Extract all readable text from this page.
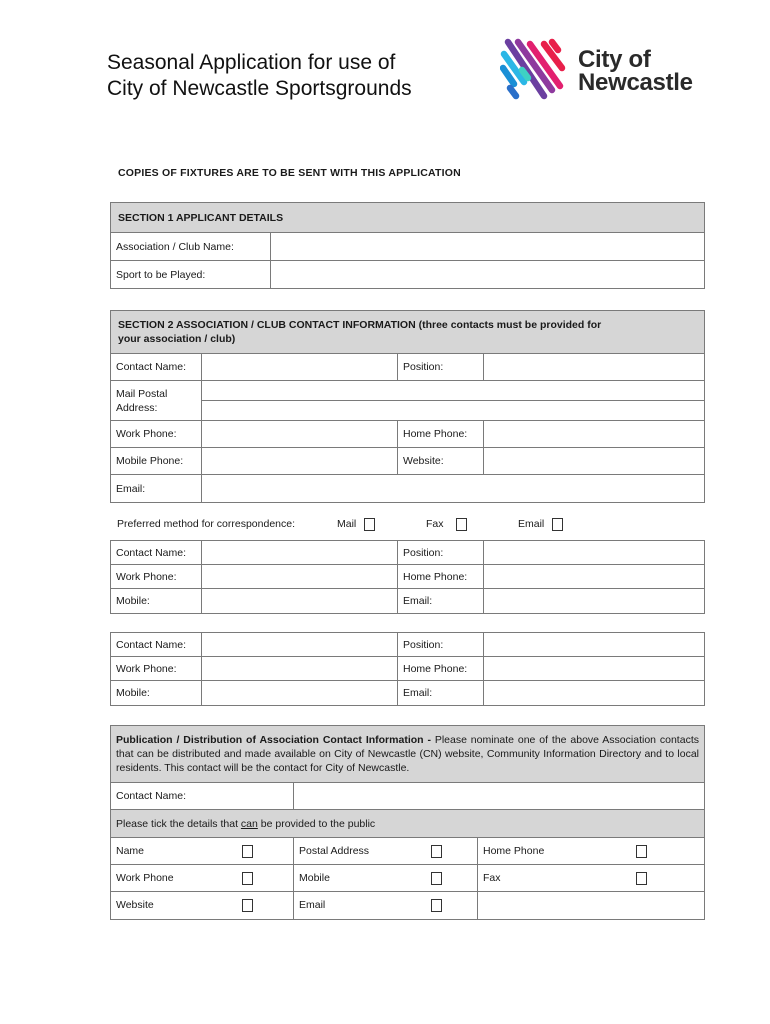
Seasonal Application for use of
City of Newcastle Sportsgrounds
City of
Newcastle
COPIES OF FIXTURES ARE TO BE SENT WITH THIS APPLICATION
SECTION 1 APPLICANT DETAILS	
Association / Club Name:	
Sport to be Played:	
SECTION 2 ASSOCIATION / CLUB CONTACT INFORMATION (three contacts must be provided for
your association / club)			

Contact Name:		Position:	
Mail Postal Address:			

Work Phone:		Home Phone:	
Mobile Phone:		Website:	
Email:			
Preferred method for correspondence:	Mail	Fax	Email
Contact Name:		Position:	
Work Phone:		Home Phone:	
Mobile:		Email:	
Contact Name:		Position:	
Work Phone:		Home Phone:	
Mobile:		Email:	
Publication / Distribution of Association Contact Information - Please nominate one of the above Association contacts that can be distributed and made available on City of Newcastle (CN) website, Community Information Directory and to local residents. This contact will be the contact for City of Newcastle.		
Contact Name:		
Please tick the details that can be provided to the public		
Name	Postal Address	Home Phone

Work Phone	Mobile	Fax

Website	Email
